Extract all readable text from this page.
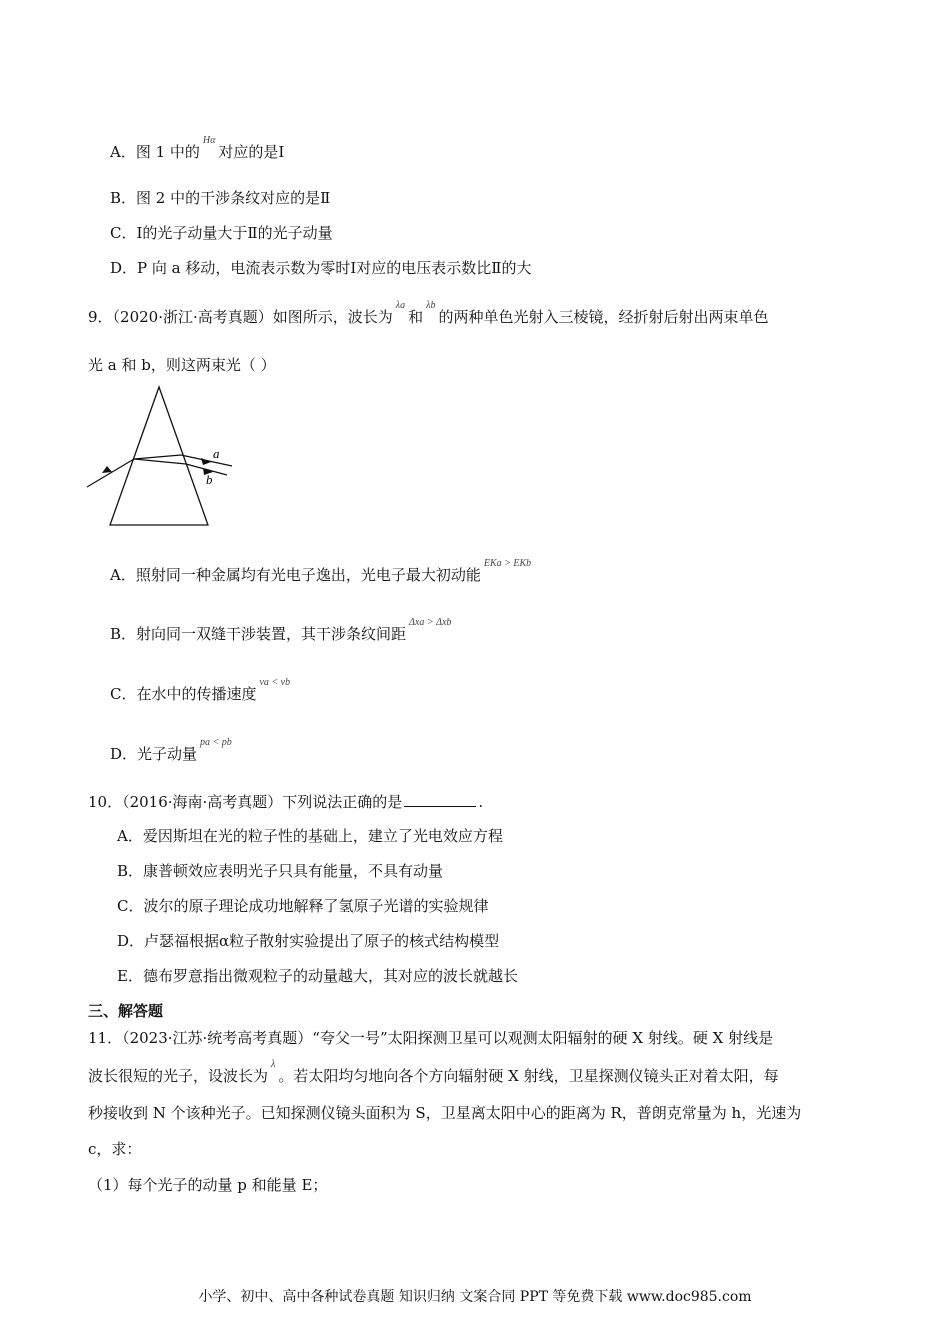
A．图 1 中的Hα对应的是Ⅰ
B．图 2 中的干涉条纹对应的是Ⅱ
C．Ⅰ的光子动量大于Ⅱ的光子动量
D．P 向 a 移动，电流表示数为零时Ⅰ对应的电压表示数比Ⅱ的大
9．（2020·浙江·高考真题）如图所示，波长为λa和λb的两种单色光射入三棱镜，经折射后射出两束单色
光 a 和 b，则这两束光（ ）
a
b
A．照射同一种金属均有光电子逸出，光电子最大初动能EKa > EKb
B．射向同一双缝干涉装置，其干涉条纹间距Δxa > Δxb
C．在水中的传播速度va < vb
D．光子动量pa < pb
10．（2016·海南·高考真题）下列说法正确的是	.
A．爱因斯坦在光的粒子性的基础上，建立了光电效应方程
B．康普顿效应表明光子只具有能量，不具有动量
C．波尔的原子理论成功地解释了氢原子光谱的实验规律
D．卢瑟福根据α粒子散射实验提出了原子的核式结构模型
E．德布罗意指出微观粒子的动量越大，其对应的波长就越长
三、解答题
11．（2023·江苏·统考高考真题）“夸父一号”太阳探测卫星可以观测太阳辐射的硬 X 射线。硬 X 射线是
波长很短的光子，设波长为λ。若太阳均匀地向各个方向辐射硬 X 射线，卫星探测仪镜头正对着太阳，每
秒接收到 N 个该种光子。已知探测仪镜头面积为 S，卫星离太阳中心的距离为 R，普朗克常量为 h，光速为
c，求：
（1）每个光子的动量 p 和能量 E；
小学、初中、高中各种试卷真题 知识归纳 文案合同 PPT 等免费下载 www.doc985.com
